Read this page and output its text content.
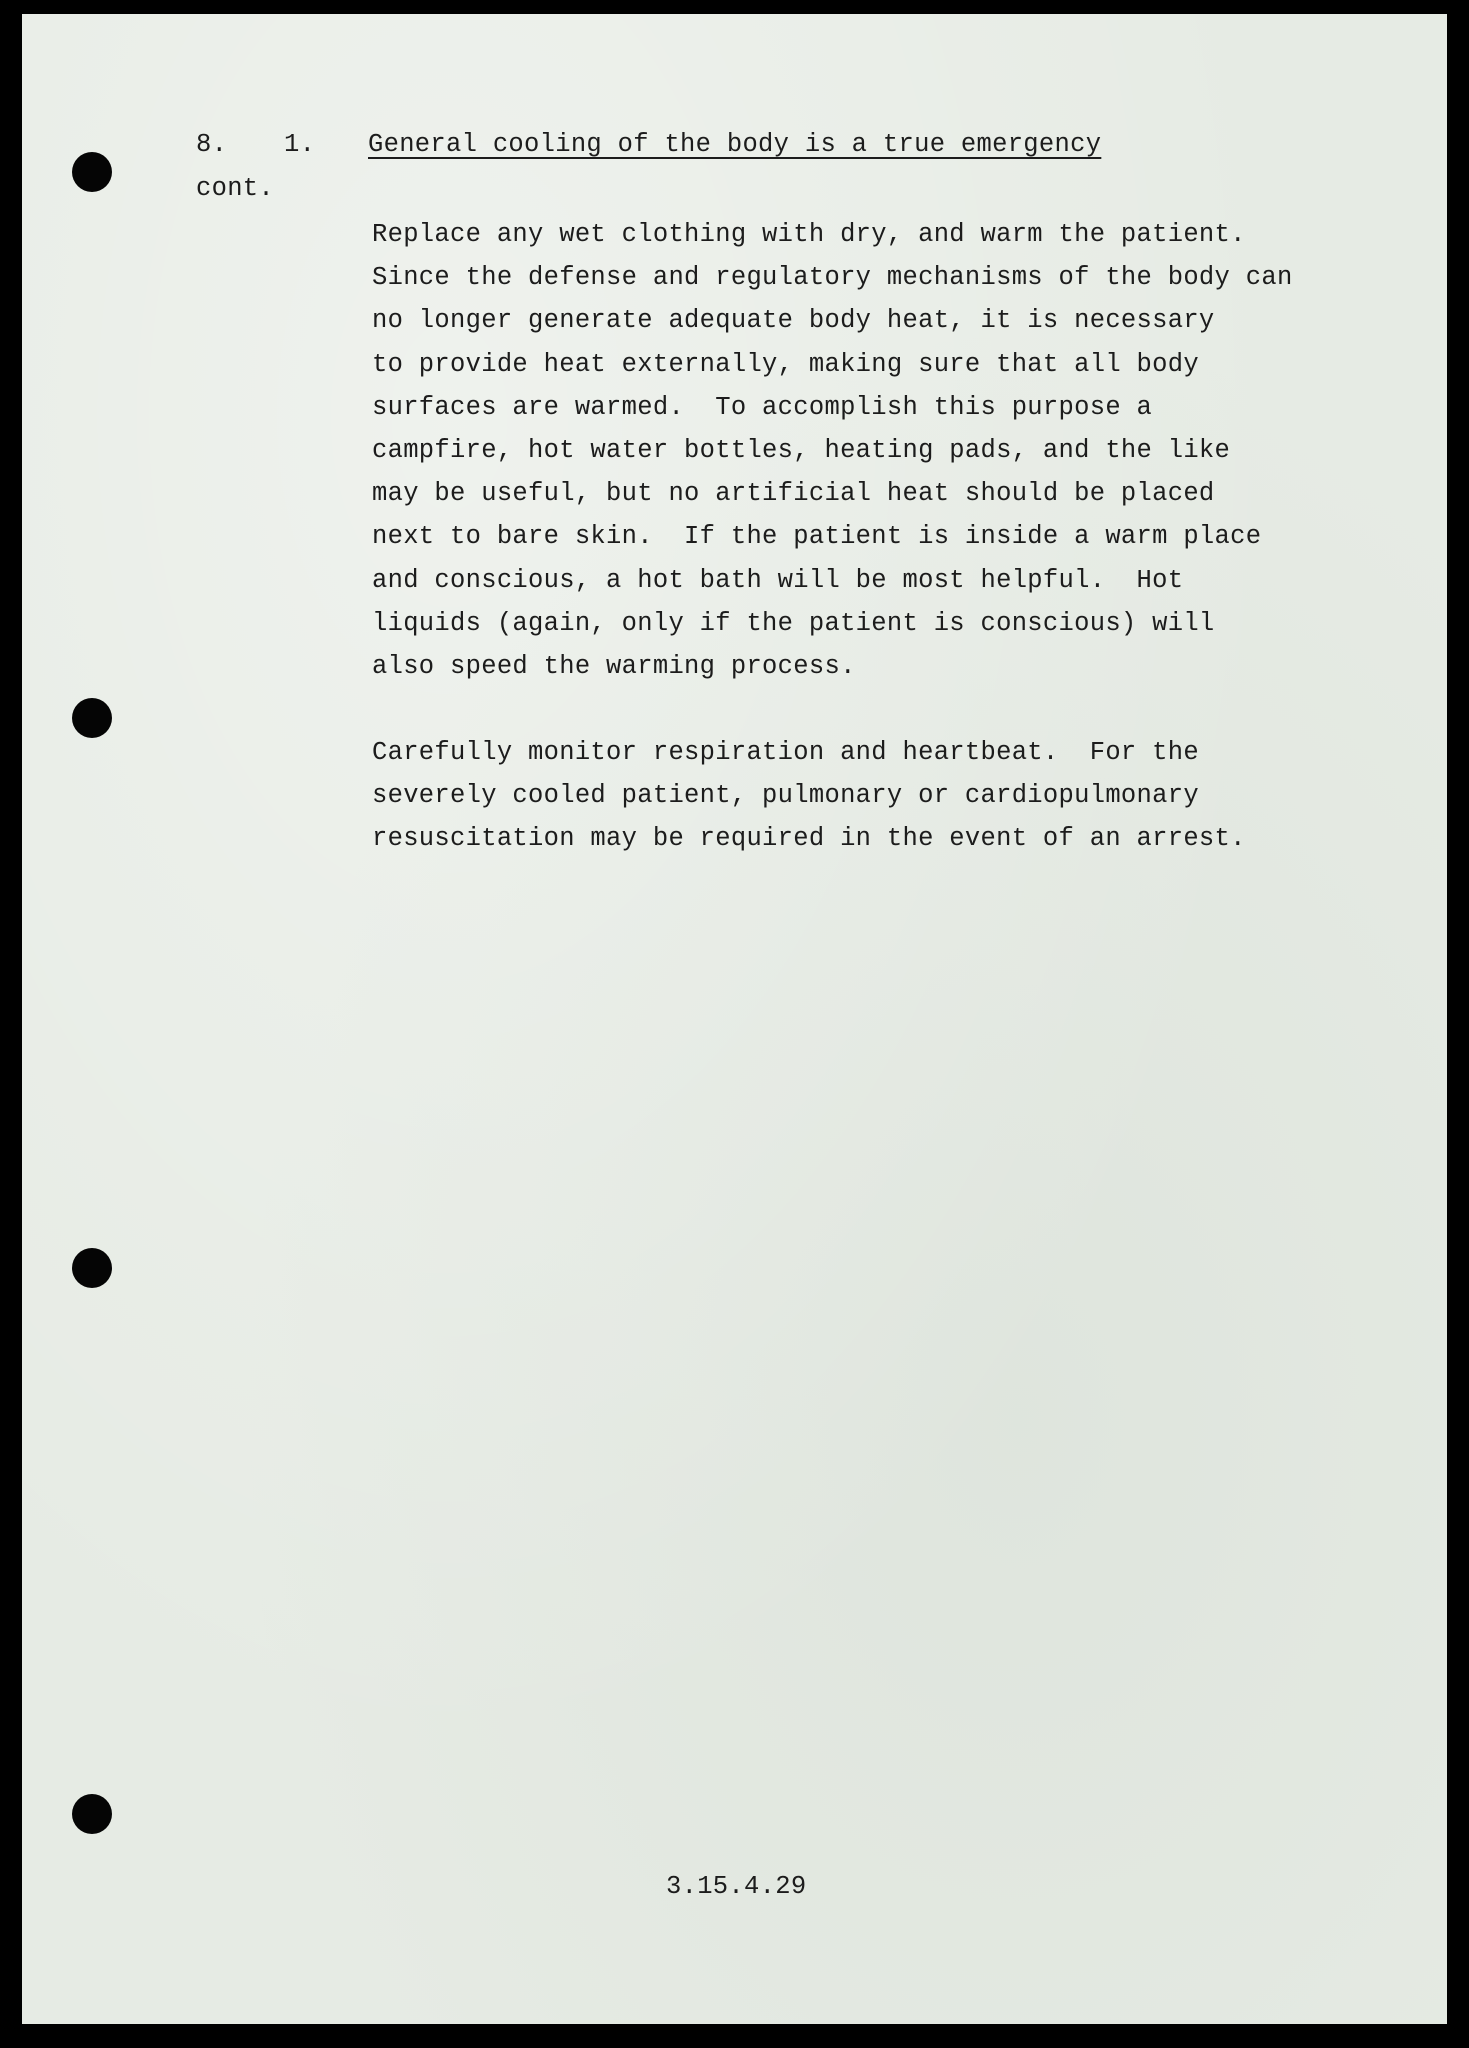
8. 1. General cooling of the body is a true emergency
cont.
Replace any wet clothing with dry, and warm the patient.
Since the defense and regulatory mechanisms of the body can
no longer generate adequate body heat, it is necessary
to provide heat externally, making sure that all body
surfaces are warmed.  To accomplish this purpose a
campfire, hot water bottles, heating pads, and the like
may be useful, but no artificial heat should be placed
next to bare skin.  If the patient is inside a warm place
and conscious, a hot bath will be most helpful.  Hot
liquids (again, only if the patient is conscious) will
also speed the warming process.
Carefully monitor respiration and heartbeat.  For the
severely cooled patient, pulmonary or cardiopulmonary
resuscitation may be required in the event of an arrest.
3.15.4.29
